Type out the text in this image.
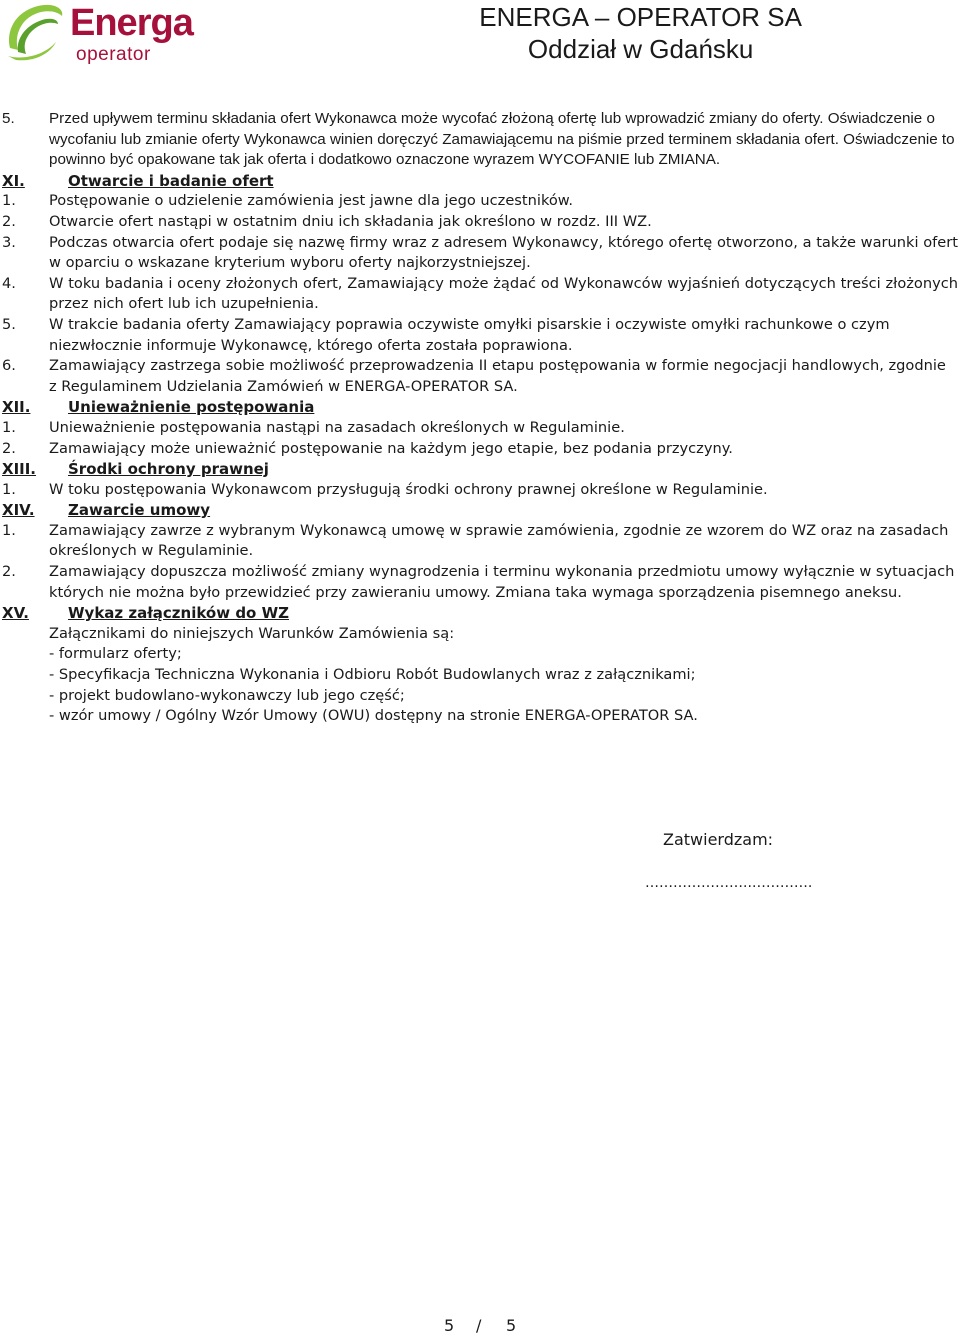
Energa
operator
ENERGA – OPERATOR SA
Oddział w Gdańsku
5. Przed upływem terminu składania ofert Wykonawca może wycofać złożoną ofertę lub wprowadzić zmiany do oferty. Oświadczenie o wycofaniu lub zmianie oferty Wykonawca winien doręczyć Zamawiającemu na piśmie przed terminem składania ofert. Oświadczenie to powinno być opakowane tak jak oferta i dodatkowo oznaczone wyrazem WYCOFANIE lub ZMIANA.
XI.	Otwarcie i badanie ofert
1. Postępowanie o udzielenie zamówienia jest jawne dla jego uczestników.
2. Otwarcie ofert nastąpi w ostatnim dniu ich składania jak określono w rozdz. III WZ.
3. Podczas otwarcia ofert podaje się nazwę firmy wraz z adresem Wykonawcy, którego ofertę otworzono, a także warunki ofert w oparciu o wskazane kryterium wyboru oferty najkorzystniejszej.
4. W toku badania i oceny złożonych ofert, Zamawiający może żądać od Wykonawców wyjaśnień dotyczących treści złożonych przez nich ofert lub ich uzupełnienia.
5. W trakcie badania oferty Zamawiający poprawia oczywiste omyłki pisarskie i oczywiste omyłki rachunkowe o czym niezwłocznie informuje Wykonawcę, którego oferta została poprawiona.
6. Zamawiający zastrzega sobie możliwość przeprowadzenia II etapu postępowania w formie negocjacji handlowych, zgodnie z Regulaminem Udzielania Zamówień w ENERGA-OPERATOR SA.
XII.	Unieważnienie postępowania
1. Unieważnienie postępowania nastąpi na zasadach określonych w Regulaminie.
2. Zamawiający może unieważnić postępowanie na każdym jego etapie, bez podania przyczyny.
XIII. Środki ochrony prawnej
1. W toku postępowania Wykonawcom przysługują środki ochrony prawnej określone w Regulaminie.
XIV. Zawarcie umowy
1. Zamawiający zawrze z wybranym Wykonawcą umowę w sprawie zamówienia, zgodnie ze wzorem do WZ oraz na zasadach określonych w Regulaminie.
2. Zamawiający dopuszcza możliwość zmiany wynagrodzenia i terminu wykonania przedmiotu umowy wyłącznie w sytuacjach których nie można było przewidzieć przy zawieraniu umowy. Zmiana taka wymaga sporządzenia pisemnego aneksu.
XV.	Wykaz załączników do WZ
Załącznikami do niniejszych Warunków Zamówienia są:
- formularz oferty;
- Specyfikacja Techniczna Wykonania i Odbioru Robót Budowlanych wraz z załącznikami;
- projekt budowlano-wykonawczy lub jego część;
- wzór umowy / Ogólny Wzór Umowy (OWU) dostępny na stronie ENERGA-OPERATOR SA.
Zatwierdzam:
…………………..………….
5 / 5
